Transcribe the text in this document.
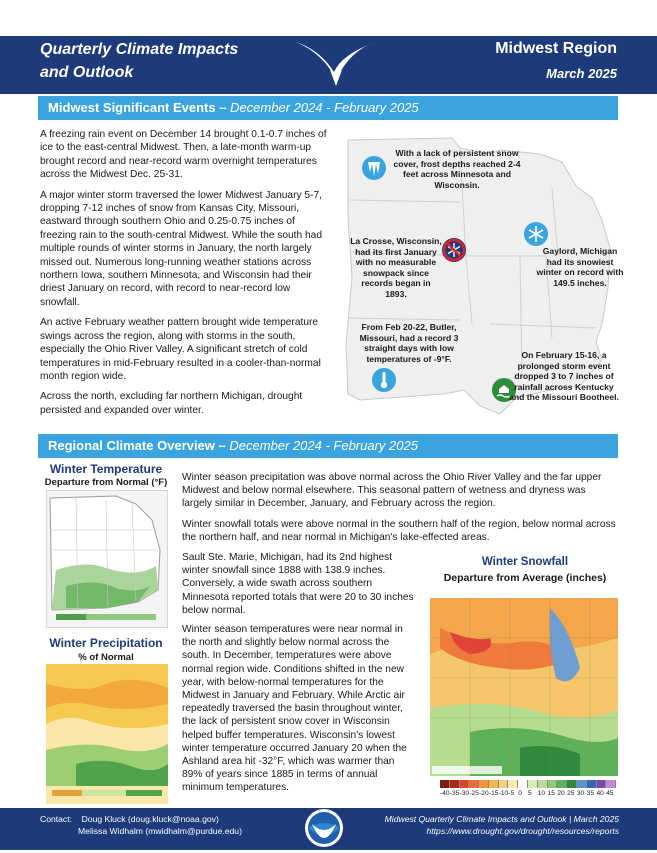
Quarterly Climate Impacts
and Outlook
Midwest Region
March 2025
Midwest Significant Events – December 2024 - February 2025

A freezing rain event on December 14 brought 0.1-0.7 inches of ice to the east-central Midwest. Then, a late-month warm-up brought record and near-record warm overnight temperatures across the Midwest Dec. 25-31.

A major winter storm traversed the lower Midwest January 5-7, dropping 7-12 inches of snow from Kansas City, Missouri, eastward through southern Ohio and 0.25-0.75 inches of freezing rain to the south-central Midwest. While the south had multiple rounds of winter storms in January, the north largely missed out. Numerous long-running weather stations across northern Iowa, southern Minnesota, and Wisconsin had their driest January on record, with record to near-record low snowfall.

An active February weather pattern brought wide temperature swings across the region, along with storms in the south, especially the Ohio River Valley. A significant stretch of cold temperatures in mid-February resulted in a cooler-than-normal month region wide.

Across the north, excluding far northern Michigan, drought persisted and expanded over winter.

With a lack of persistent snow cover, frost depths reached 2-4 feet across Minnesota and Wisconsin.
La Crosse, Wisconsin, had its first January with no measurable snowpack since records began in 1893.
Gaylord, Michigan had its snowiest winter on record with 149.5 inches.
From Feb 20-22, Butler, Missouri, had a record 3 straight days with low temperatures of -9°F.	On February 15-16, a prolonged storm event dropped 3 to 7 inches of rainfall across Kentucky and the Missouri Bootheel.
Regional Climate Overview – December 2024 - February 2025
Winter Temperature
Departure from Normal (°F)
Winter Precipitation
% of Normal

Winter season precipitation was above normal across the Ohio River Valley and the far upper Midwest and below normal elsewhere. This seasonal pattern of wetness and dryness was largely similar in December, January, and February across the region.

Winter snowfall totals were above normal in the southern half of the region, below normal across the northern half, and near normal in Michigan's lake-effected areas.

Sault Ste. Marie, Michigan, had its 2nd highest winter snowfall since 1888 with 138.9 inches. Conversely, a wide swath across southern Minnesota reported totals that were 20 to 30 inches below normal.

Winter season temperatures were near normal in the north and slightly below normal across the south. In December, temperatures were above normal region wide. Conditions shifted in the new year, with below-normal temperatures for the Midwest in January and February. While Arctic air repeatedly traversed the basin throughout winter, the lack of persistent snow cover in Wisconsin helped buffer temperatures. Wisconsin's lowest winter temperature occurred January 20 when the Ashland area hit -32°F, which was warmer than 89% of years since 1885 in terms of annual minimum temperatures.

Winter Snowfall
Departure from Average (inches)
-40 -35 -30 -25 -20 -15 -10 -5 0 5 10 15 20 25 30 35 40 45
Contact: Doug Kluck (doug.kluck@noaa.gov)
Melissa Widhalm (mwidhalm@purdue.edu)
Midwest Quarterly Climate Impacts and Outlook | March 2025
https://www.drought.gov/drought/resources/reports
